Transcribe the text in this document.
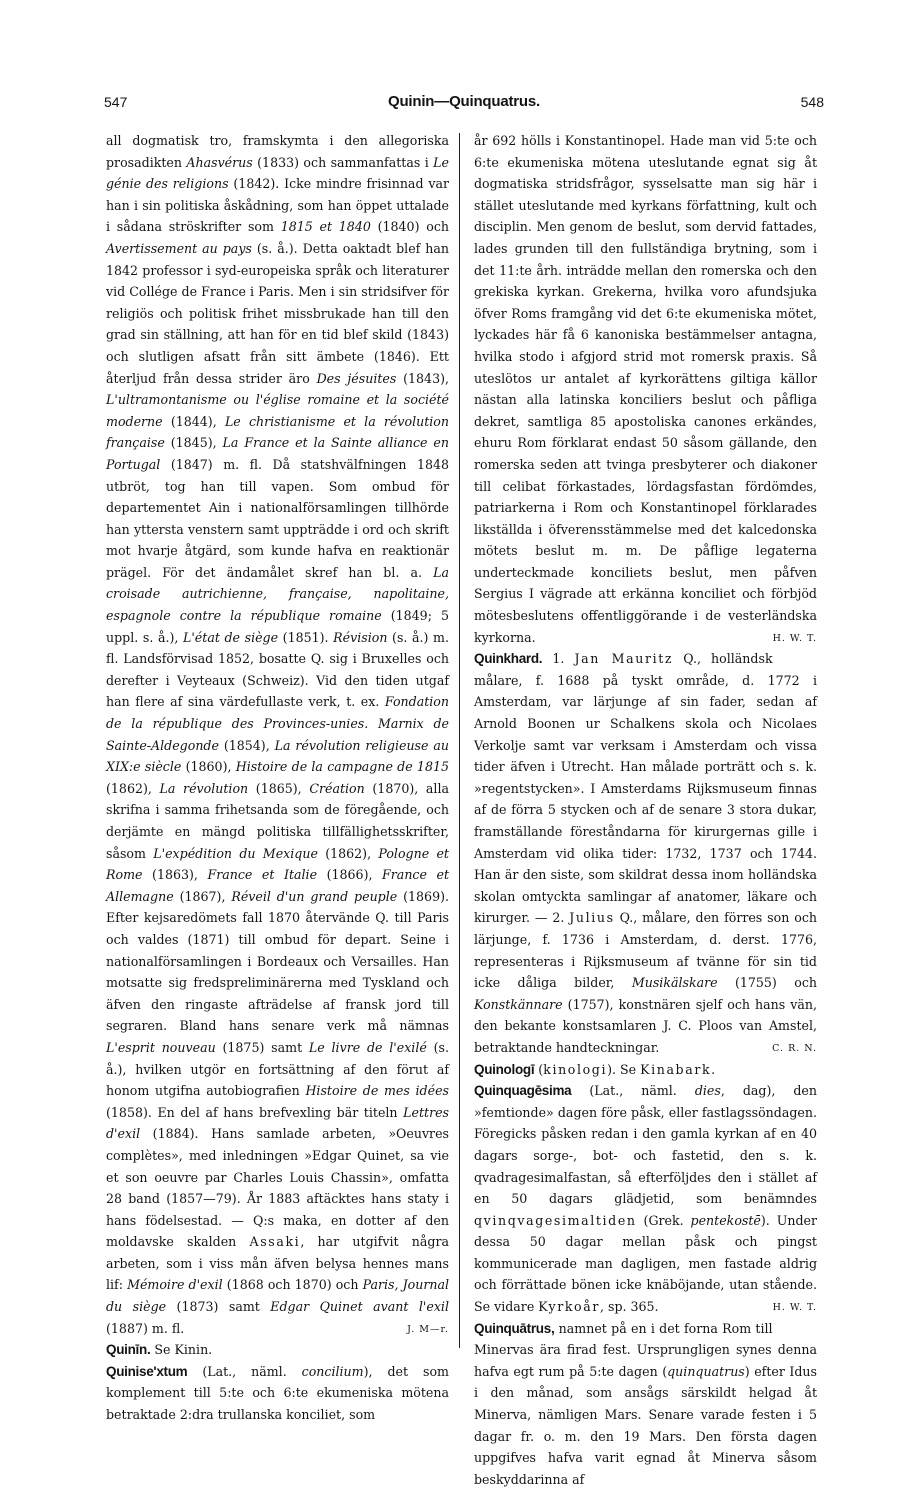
547	Quinin—Quinquatrus.	548

all dogmatisk tro, framskymta i den allegoriska prosadikten Ahasvérus (1833) och sammanfattas i Le génie des religions (1842). Icke mindre frisinnad var han i sin politiska åskådning, som han öppet uttalade i sådana ströskrifter som 1815 et 1840 (1840) och Avertissement au pays (s. å.). Detta oaktadt blef han 1842 professor i syd-europeiska språk och literaturer vid Collége de France i Paris. Men i sin stridsifver för religiös och politisk frihet missbrukade han till den grad sin ställning, att han för en tid blef skild (1843) och slutligen afsatt från sitt ämbete (1846). Ett återljud från dessa strider äro Des jésuites (1843), L'ultramontanisme ou l'église romaine et la société moderne (1844), Le christianisme et la révolution française (1845), La France et la Sainte alliance en Portugal (1847) m. fl. Då statshvälfningen 1848 utbröt, tog han till vapen. Som ombud för departementet Ain i nationalförsamlingen tillhörde han yttersta venstern samt uppträdde i ord och skrift mot hvarje åtgärd, som kunde hafva en reaktionär prägel. För det ändamålet skref han bl. a. La croisade autrichienne, française, napolitaine, espagnole contre la république romaine (1849; 5 uppl. s. å.), L'état de siège (1851). Révision (s. å.) m. fl. Landsförvisad 1852, bosatte Q. sig i Bruxelles och derefter i Veyteaux (Schweiz). Vid den tiden utgaf han flere af sina värdefullaste verk, t. ex. Fondation de la république des Provinces-unies. Marnix de Sainte-Aldegonde (1854), La révolution religieuse au XIX:e siècle (1860), Histoire de la campagne de 1815 (1862), La révolution (1865), Création (1870), alla skrifna i samma frihetsanda som de föregående, och derjämte en mängd politiska tillfällighetsskrifter, såsom L'expédition du Mexique (1862), Pologne et Rome (1863), France et Italie (1866), France et Allemagne (1867), Réveil d'un grand peuple (1869). Efter kejsaredömets fall 1870 återvände Q. till Paris och valdes (1871) till ombud för depart. Seine i nationalförsamlingen i Bordeaux och Versailles. Han motsatte sig fredspreliminärerna med Tyskland och äfven den ringaste afträdelse af fransk jord till segraren. Bland hans senare verk må nämnas L'esprit nouveau (1875) samt Le livre de l'exilé (s. å.), hvilken utgör en fortsättning af den förut af honom utgifna autobiografien Histoire de mes idées (1858). En del af hans brefvexling bär titeln Lettres d'exil (1884). Hans samlade arbeten, »Oeuvres complètes», med inledningen »Edgar Quinet, sa vie et son oeuvre par Charles Louis Chassin», omfatta 28 band (1857—79). År 1883 aftäcktes hans staty i hans födelsestad. — Q:s maka, en dotter af den moldavske skalden Assaki, har utgifvit några arbeten, som i viss mån äfven belysa hennes mans lif: Mémoire d'exil (1868 och 1870) och Paris, Journal du siège (1873) samt Edgar Quinet avant l'exil (1887) m. fl.	J. M—r.

Quinīn. Se Kinin.

Quinise'xtum (Lat., näml. concilium), det som komplement till 5:te och 6:te ekumeniska mötena betraktade 2:dra trullanska konciliet, som

år 692 hölls i Konstantinopel. Hade man vid 5:te och 6:te ekumeniska mötena uteslutande egnat sig åt dogmatiska stridsfrågor, sysselsatte man sig här i stället uteslutande med kyrkans författning, kult och disciplin. Men genom de beslut, som dervid fattades, lades grunden till den fullständiga brytning, som i det 11:te årh. inträdde mellan den romerska och den grekiska kyrkan. Grekerna, hvilka voro afundsjuka öfver Roms framgång vid det 6:te ekumeniska mötet, lyckades här få 6 kanoniska bestämmelser antagna, hvilka stodo i afgjord strid mot romersk praxis. Så uteslötos ur antalet af kyrkorättens giltiga källor nästan alla latinska konciliers beslut och påfliga dekret, samtliga 85 apostoliska canones erkändes, ehuru Rom förklarat endast 50 såsom gällande, den romerska seden att tvinga presbyterer och diakoner till celibat förkastades, lördagsfastan fördömdes, patriarkerna i Rom och Konstantinopel förklarades likställda i öfverensstämmelse med det kalcedonska mötets beslut m. m. De påflige legaterna underteckmade konciliets beslut, men påfven Sergius I vägrade att erkänna konciliet och förbjöd mötesbeslutens offentliggörande i de vesterländska kyrkorna.	H. W. T.

Quinkhard. 1. Jan Mauritz Q., holländsk målare, f. 1688 på tyskt område, d. 1772 i Amsterdam, var lärjunge af sin fader, sedan af Arnold Boonen ur Schalkens skola och Nicolaes Verkolje samt var verksam i Amsterdam och vissa tider äfven i Utrecht. Han målade porträtt och s. k. »regentstycken». I Amsterdams Rijksmuseum finnas af de förra 5 stycken och af de senare 3 stora dukar, framställande föreståndarna för kirurgernas gille i Amsterdam vid olika tider: 1732, 1737 och 1744. Han är den siste, som skildrat dessa inom holländska skolan omtyckta samlingar af anatomer, läkare och kirurger. — 2. Julius Q., målare, den förres son och lärjunge, f. 1736 i Amsterdam, d. derst. 1776, representeras i Rijksmuseum af tvänne för sin tid icke dåliga bilder, Musikälskare (1755) och Konstkännare (1757), konstnären sjelf och hans vän, den bekante konstsamlaren J. C. Ploos van Amstel, betraktande handteckningar.	C. R. N.

Quinologī (kinologi). Se Kinabark.

Quinquagēsima (Lat., näml. dies, dag), den »femtionde» dagen före påsk, eller fastlagssöndagen. Föregicks påsken redan i den gamla kyrkan af en 40 dagars sorge-, bot- och fastetid, den s. k. qvadragesimalfastan, så efterföljdes den i stället af en 50 dagars glädjetid, som benämndes qvinqvagesimaltiden (Grek. pentekostē). Under dessa 50 dagar mellan påsk och pingst kommunicerade man dagligen, men fastade aldrig och förrättade bönen icke knäböjande, utan stående. Se vidare Kyrkoår, sp. 365.	H. W. T.

Quinquātrus, namnet på en i det forna Rom till Minervas ära firad fest. Ursprungligen synes denna hafva egt rum på 5:te dagen (quinquatrus) efter Idus i den månad, som ansågs särskildt helgad åt Minerva, nämligen Mars. Senare varade festen i 5 dagar fr. o. m. den 19 Mars. Den första dagen uppgifves hafva varit egnad åt Minerva såsom beskyddarinna af
